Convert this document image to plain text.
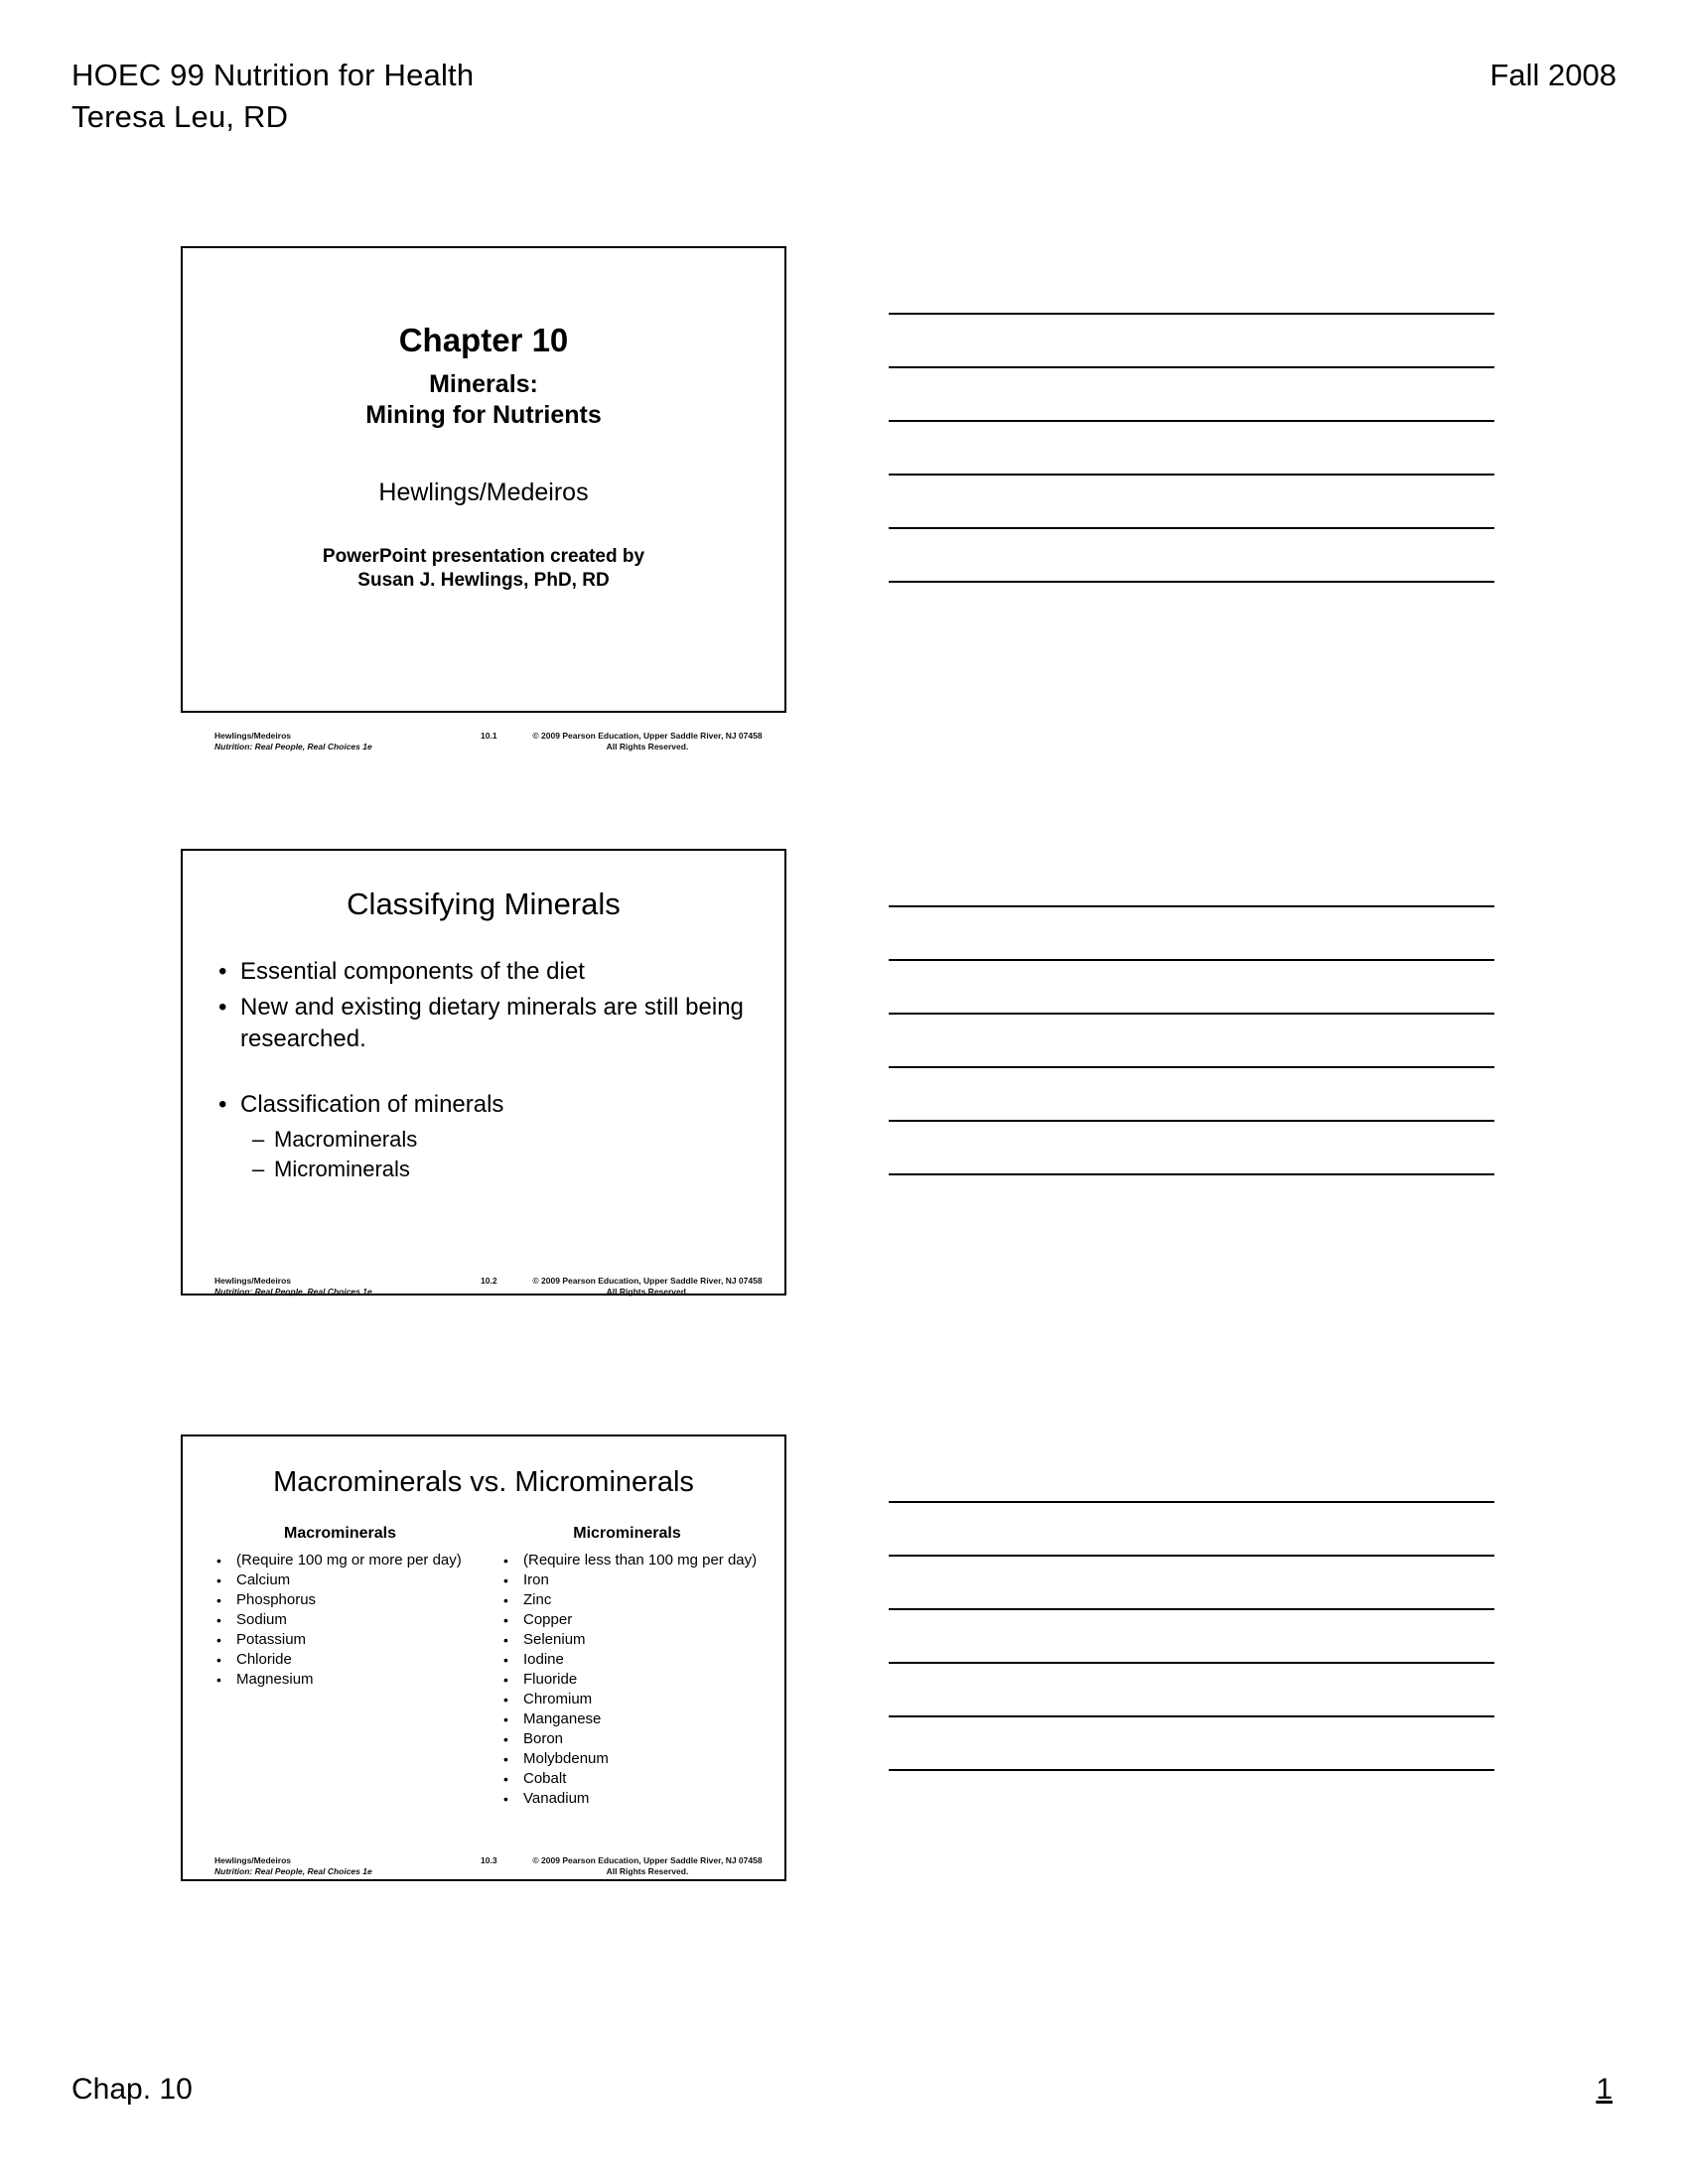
HOEC 99 Nutrition for Health
Teresa Leu, RD
Fall 2008
Chapter 10
Minerals:
Mining for Nutrients
Hewlings/Medeiros
PowerPoint presentation created by
Susan J. Hewlings, PhD, RD
Hewlings/Medeiros
Nutrition: Real People, Real Choices 1e
10.1	© 2009 Pearson Education, Upper Saddle River, NJ 07458
All Rights Reserved.
Classifying Minerals
• Essential components of the diet
• New and existing dietary minerals are still being researched.
• Classification of minerals
– Macrominerals
– Microminerals
Hewlings/Medeiros
Nutrition: Real People, Real Choices 1e
10.2	© 2009 Pearson Education, Upper Saddle River, NJ 07458
All Rights Reserved.
Macrominerals vs. Microminerals
Macrominerals
• (Require 100 mg or more per day)
• Calcium
• Phosphorus
• Sodium
• Potassium
• Chloride
• Magnesium
Microminerals
• (Require less than 100 mg per day)
• Iron
• Zinc
• Copper
• Selenium
• Iodine
• Fluoride
• Chromium
• Manganese
• Boron
• Molybdenum
• Cobalt
• Vanadium
Hewlings/Medeiros
Nutrition: Real People, Real Choices 1e
10.3	© 2009 Pearson Education, Upper Saddle River, NJ 07458
All Rights Reserved.
Chap. 10	1
